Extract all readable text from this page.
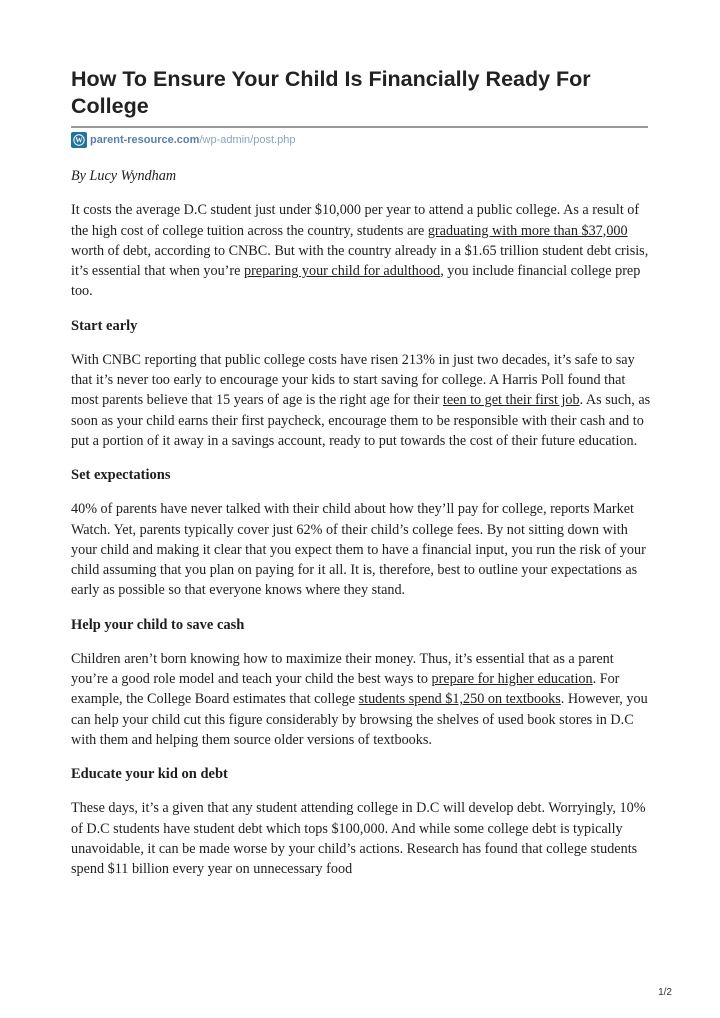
How To Ensure Your Child Is Financially Ready For College
W parent-resource.com/wp-admin/post.php

By Lucy Wyndham

It costs the average D.C student just under $10,000 per year to attend a public college. As a result of the high cost of college tuition across the country, students are graduating with more than $37,000 worth of debt, according to CNBC. But with the country already in a $1.65 trillion student debt crisis, it’s essential that when you’re preparing your child for adulthood, you include financial college prep too.

Start early

With CNBC reporting that public college costs have risen 213% in just two decades, it’s safe to say that it’s never too early to encourage your kids to start saving for college. A Harris Poll found that most parents believe that 15 years of age is the right age for their teen to get their first job. As such, as soon as your child earns their first paycheck, encourage them to be responsible with their cash and to put a portion of it away in a savings account, ready to put towards the cost of their future education.

Set expectations

40% of parents have never talked with their child about how they’ll pay for college, reports Market Watch. Yet, parents typically cover just 62% of their child’s college fees. By not sitting down with your child and making it clear that you expect them to have a financial input, you run the risk of your child assuming that you plan on paying for it all. It is, therefore, best to outline your expectations as early as possible so that everyone knows where they stand.

Help your child to save cash

Children aren’t born knowing how to maximize their money. Thus, it’s essential that as a parent you’re a good role model and teach your child the best ways to prepare for higher education. For example, the College Board estimates that college students spend $1,250 on textbooks. However, you can help your child cut this figure considerably by browsing the shelves of used book stores in D.C with them and helping them source older versions of textbooks.

Educate your kid on debt

These days, it’s a given that any student attending college in D.C will develop debt. Worryingly, 10% of D.C students have student debt which tops $100,000. And while some college debt is typically unavoidable, it can be made worse by your child’s actions. Research has found that college students spend $11 billion every year on unnecessary food

1/2
